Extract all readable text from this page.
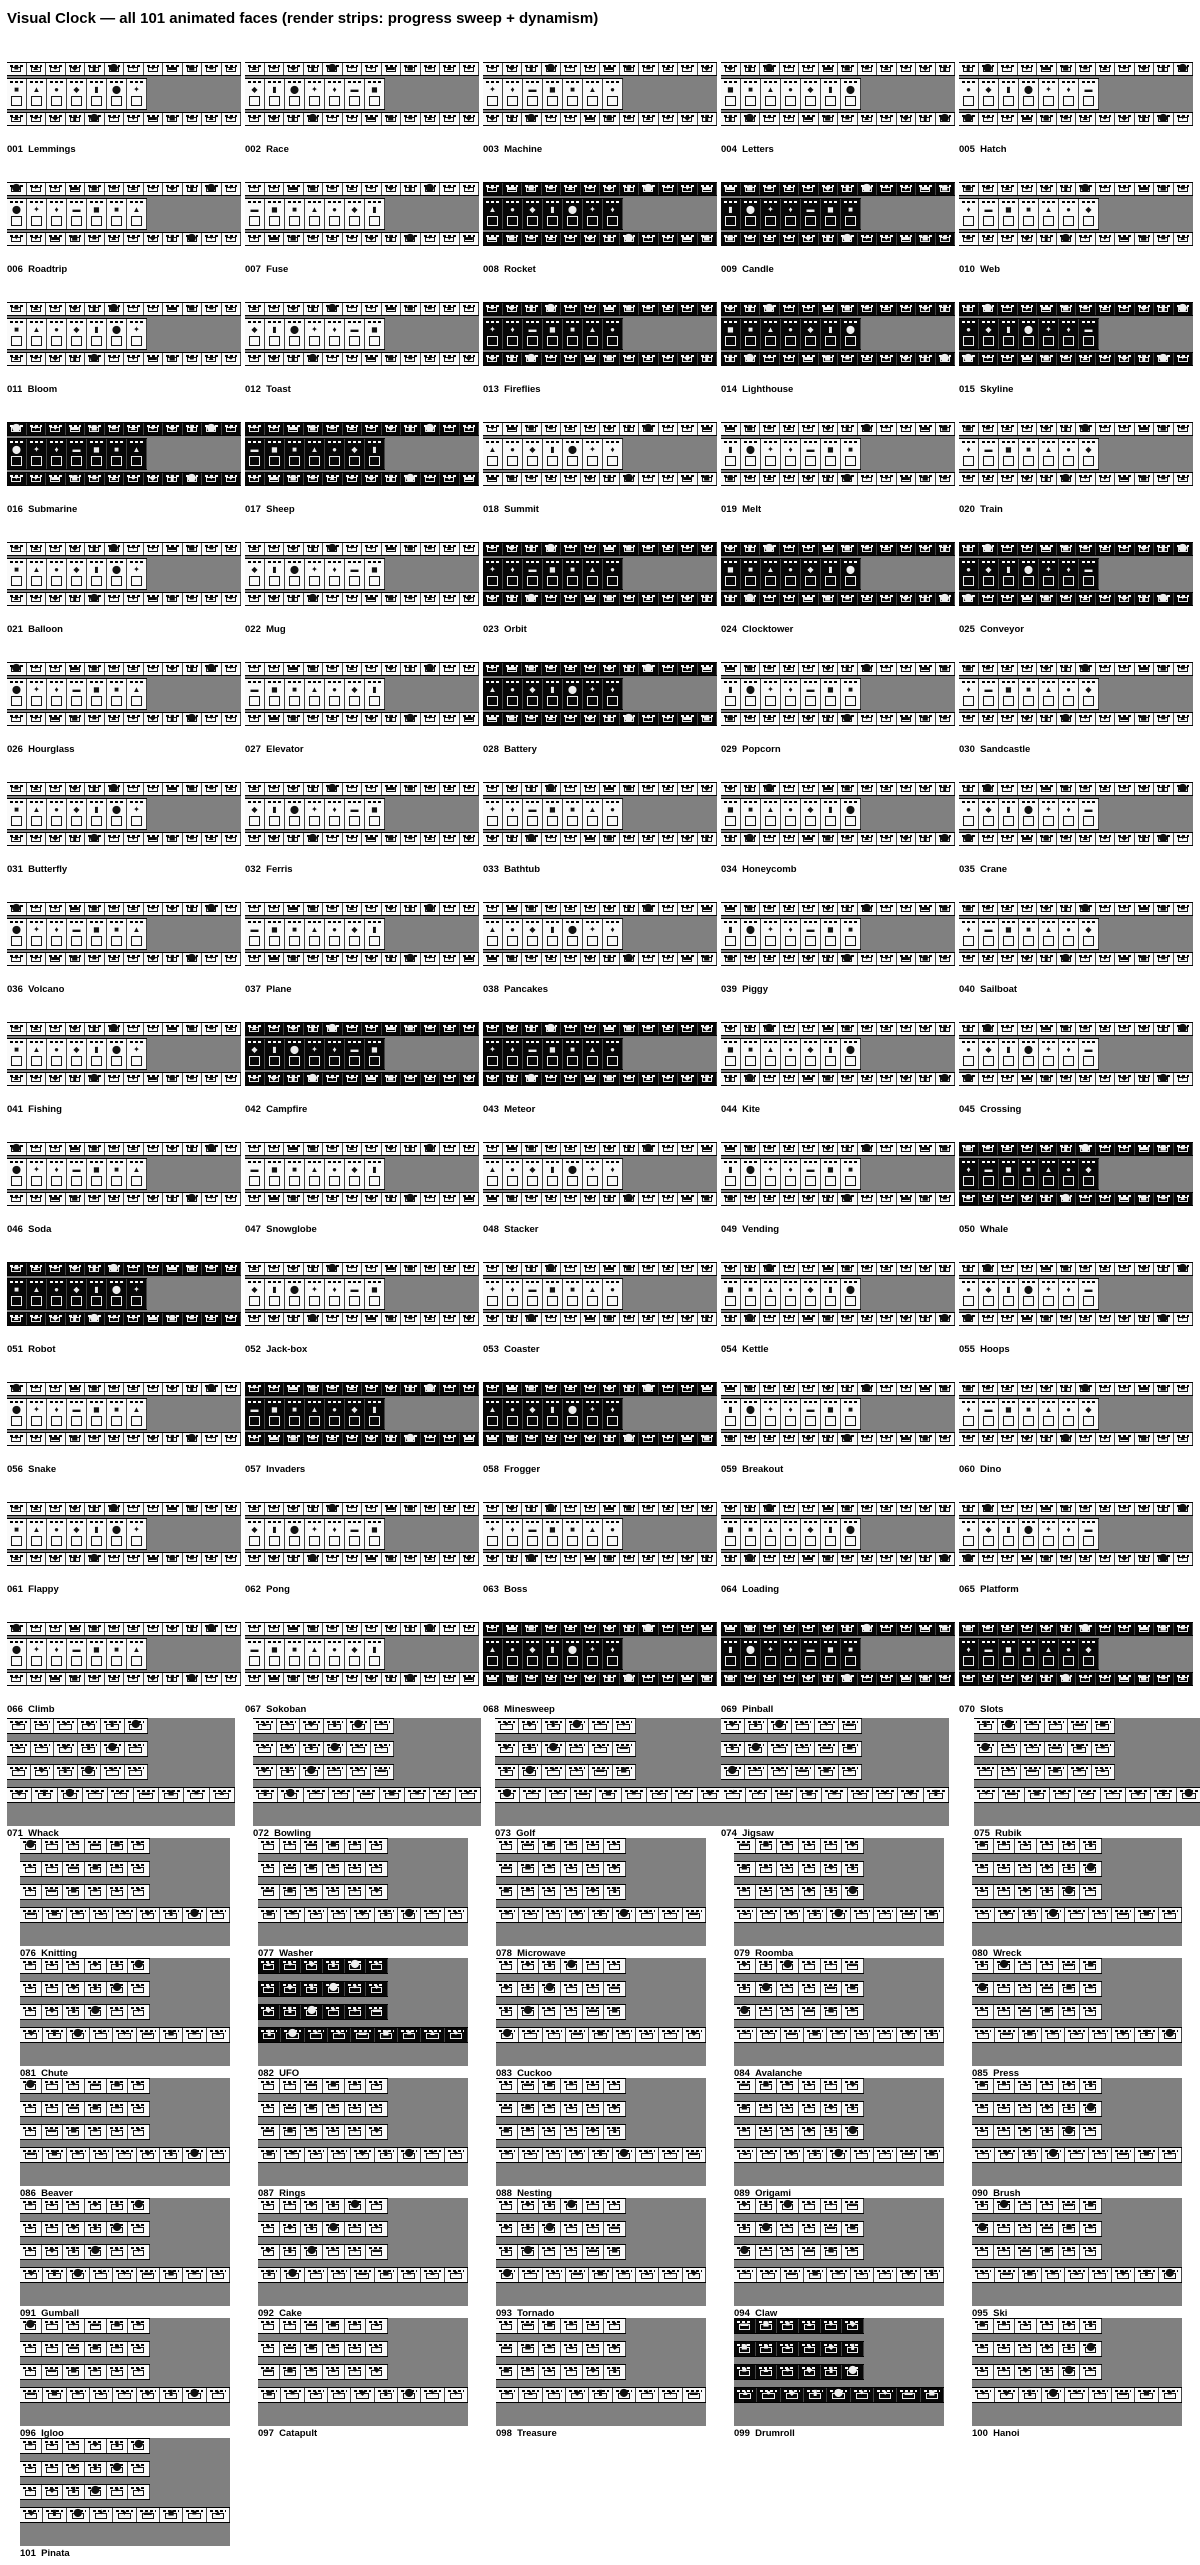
Visual Clock — all 101 animated faces (render strips: progress sweep + dynamism)
■ ▲ ● ◆ ▮ ⬤ ✦ ♦ ▬ ◼ ■ ▲
▲ ● ◆ ▮ ⬤ ✦ ♦ ▬ ◼ ■ ▲ ●
■ ▲ ● ◆ ▮ ⬤ ✦
001  Lemmings
▲ ● ◆ ▮ ⬤ ✦ ♦ ▬ ◼ ■ ▲ ●
● ◆ ▮ ⬤ ✦ ♦ ▬ ◼ ■ ▲ ● ◆
◆ ▮ ⬤ ✦ ♦ ▬ ◼
002  Race
● ◆ ▮ ⬤ ✦ ♦ ▬ ◼ ■ ▲ ● ◆
◆ ▮ ⬤ ✦ ♦ ▬ ◼ ■ ▲ ● ◆ ▮
✦ ♦ ▬ ◼ ■ ▲ ●
003  Machine
◆ ▮ ⬤ ✦ ♦ ▬ ◼ ■ ▲ ● ◆ ▮
▮ ⬤ ✦ ♦ ▬ ◼ ■ ▲ ● ◆ ▮ ⬤
◼ ■ ▲ ● ◆ ▮ ⬤
004  Letters
▮ ⬤ ✦ ♦ ▬ ◼ ■ ▲ ● ◆ ▮ ⬤
⬤ ✦ ♦ ▬ ◼ ■ ▲ ● ◆ ▮ ⬤ ✦
● ◆ ▮ ⬤ ✦ ♦ ▬
005  Hatch
⬤ ✦ ♦ ▬ ◼ ■ ▲ ● ◆ ▮ ⬤ ✦
✦ ♦ ▬ ◼ ■ ▲ ● ◆ ▮ ⬤ ✦ ♦
⬤ ✦ ♦ ▬ ◼ ■ ▲
006  Roadtrip
✦ ♦ ▬ ◼ ■ ▲ ● ◆ ▮ ⬤ ✦ ♦
♦ ▬ ◼ ■ ▲ ● ◆ ▮ ⬤ ✦ ♦ ▬
▬ ◼ ■ ▲ ● ◆ ▮
007  Fuse
♦ ▬ ◼ ■ ▲ ● ◆ ▮ ⬤ ✦ ♦ ▬
▬ ◼ ■ ▲ ● ◆ ▮ ⬤ ✦ ♦ ▬ ◼
▲ ● ◆ ▮ ⬤ ✦ ♦
008  Rocket
▬ ◼ ■ ▲ ● ◆ ▮ ⬤ ✦ ♦ ▬ ◼
◼ ■ ▲ ● ◆ ▮ ⬤ ✦ ♦ ▬ ◼ ■
▮ ⬤ ✦ ♦ ▬ ◼ ■
009  Candle
◼ ■ ▲ ● ◆ ▮ ⬤ ✦ ♦ ▬ ◼ ■
■ ▲ ● ◆ ▮ ⬤ ✦ ♦ ▬ ◼ ■ ▲
♦ ▬ ◼ ■ ▲ ● ◆
010  Web
■ ▲ ● ◆ ▮ ⬤ ✦ ♦ ▬ ◼ ■ ▲
▲ ● ◆ ▮ ⬤ ✦ ♦ ▬ ◼ ■ ▲ ●
■ ▲ ● ◆ ▮ ⬤ ✦
011  Bloom
▲ ● ◆ ▮ ⬤ ✦ ♦ ▬ ◼ ■ ▲ ●
● ◆ ▮ ⬤ ✦ ♦ ▬ ◼ ■ ▲ ● ◆
◆ ▮ ⬤ ✦ ♦ ▬ ◼
012  Toast
● ◆ ▮ ⬤ ✦ ♦ ▬ ◼ ■ ▲ ● ◆
◆ ▮ ⬤ ✦ ♦ ▬ ◼ ■ ▲ ● ◆ ▮
✦ ♦ ▬ ◼ ■ ▲ ●
013  Fireflies
◆ ▮ ⬤ ✦ ♦ ▬ ◼ ■ ▲ ● ◆ ▮
▮ ⬤ ✦ ♦ ▬ ◼ ■ ▲ ● ◆ ▮ ⬤
◼ ■ ▲ ● ◆ ▮ ⬤
014  Lighthouse
▮ ⬤ ✦ ♦ ▬ ◼ ■ ▲ ● ◆ ▮ ⬤
⬤ ✦ ♦ ▬ ◼ ■ ▲ ● ◆ ▮ ⬤ ✦
● ◆ ▮ ⬤ ✦ ♦ ▬
015  Skyline
⬤ ✦ ♦ ▬ ◼ ■ ▲ ● ◆ ▮ ⬤ ✦
✦ ♦ ▬ ◼ ■ ▲ ● ◆ ▮ ⬤ ✦ ♦
⬤ ✦ ♦ ▬ ◼ ■ ▲
016  Submarine
✦ ♦ ▬ ◼ ■ ▲ ● ◆ ▮ ⬤ ✦ ♦
♦ ▬ ◼ ■ ▲ ● ◆ ▮ ⬤ ✦ ♦ ▬
▬ ◼ ■ ▲ ● ◆ ▮
017  Sheep
♦ ▬ ◼ ■ ▲ ● ◆ ▮ ⬤ ✦ ♦ ▬
▬ ◼ ■ ▲ ● ◆ ▮ ⬤ ✦ ♦ ▬ ◼
▲ ● ◆ ▮ ⬤ ✦ ♦
018  Summit
▬ ◼ ■ ▲ ● ◆ ▮ ⬤ ✦ ♦ ▬ ◼
◼ ■ ▲ ● ◆ ▮ ⬤ ✦ ♦ ▬ ◼ ■
▮ ⬤ ✦ ♦ ▬ ◼ ■
019  Melt
◼ ■ ▲ ● ◆ ▮ ⬤ ✦ ♦ ▬ ◼ ■
■ ▲ ● ◆ ▮ ⬤ ✦ ♦ ▬ ◼ ■ ▲
♦ ▬ ◼ ■ ▲ ● ◆
020  Train
■ ▲ ● ◆ ▮ ⬤ ✦ ♦ ▬ ◼ ■ ▲
▲ ● ◆ ▮ ⬤ ✦ ♦ ▬ ◼ ■ ▲ ●
■ ▲ ● ◆ ▮ ⬤ ✦
021  Balloon
▲ ● ◆ ▮ ⬤ ✦ ♦ ▬ ◼ ■ ▲ ●
● ◆ ▮ ⬤ ✦ ♦ ▬ ◼ ■ ▲ ● ◆
◆ ▮ ⬤ ✦ ♦ ▬ ◼
022  Mug
● ◆ ▮ ⬤ ✦ ♦ ▬ ◼ ■ ▲ ● ◆
◆ ▮ ⬤ ✦ ♦ ▬ ◼ ■ ▲ ● ◆ ▮
✦ ♦ ▬ ◼ ■ ▲ ●
023  Orbit
◆ ▮ ⬤ ✦ ♦ ▬ ◼ ■ ▲ ● ◆ ▮
▮ ⬤ ✦ ♦ ▬ ◼ ■ ▲ ● ◆ ▮ ⬤
◼ ■ ▲ ● ◆ ▮ ⬤
024  Clocktower
▮ ⬤ ✦ ♦ ▬ ◼ ■ ▲ ● ◆ ▮ ⬤
⬤ ✦ ♦ ▬ ◼ ■ ▲ ● ◆ ▮ ⬤ ✦
● ◆ ▮ ⬤ ✦ ♦ ▬
025  Conveyor
⬤ ✦ ♦ ▬ ◼ ■ ▲ ● ◆ ▮ ⬤ ✦
✦ ♦ ▬ ◼ ■ ▲ ● ◆ ▮ ⬤ ✦ ♦
⬤ ✦ ♦ ▬ ◼ ■ ▲
026  Hourglass
✦ ♦ ▬ ◼ ■ ▲ ● ◆ ▮ ⬤ ✦ ♦
♦ ▬ ◼ ■ ▲ ● ◆ ▮ ⬤ ✦ ♦ ▬
▬ ◼ ■ ▲ ● ◆ ▮
027  Elevator
♦ ▬ ◼ ■ ▲ ● ◆ ▮ ⬤ ✦ ♦ ▬
▬ ◼ ■ ▲ ● ◆ ▮ ⬤ ✦ ♦ ▬ ◼
▲ ● ◆ ▮ ⬤ ✦ ♦
028  Battery
▬ ◼ ■ ▲ ● ◆ ▮ ⬤ ✦ ♦ ▬ ◼
◼ ■ ▲ ● ◆ ▮ ⬤ ✦ ♦ ▬ ◼ ■
▮ ⬤ ✦ ♦ ▬ ◼ ■
029  Popcorn
◼ ■ ▲ ● ◆ ▮ ⬤ ✦ ♦ ▬ ◼ ■
■ ▲ ● ◆ ▮ ⬤ ✦ ♦ ▬ ◼ ■ ▲
♦ ▬ ◼ ■ ▲ ● ◆
030  Sandcastle
■ ▲ ● ◆ ▮ ⬤ ✦ ♦ ▬ ◼ ■ ▲
▲ ● ◆ ▮ ⬤ ✦ ♦ ▬ ◼ ■ ▲ ●
■ ▲ ● ◆ ▮ ⬤ ✦
031  Butterfly
▲ ● ◆ ▮ ⬤ ✦ ♦ ▬ ◼ ■ ▲ ●
● ◆ ▮ ⬤ ✦ ♦ ▬ ◼ ■ ▲ ● ◆
◆ ▮ ⬤ ✦ ♦ ▬ ◼
032  Ferris
● ◆ ▮ ⬤ ✦ ♦ ▬ ◼ ■ ▲ ● ◆
◆ ▮ ⬤ ✦ ♦ ▬ ◼ ■ ▲ ● ◆ ▮
✦ ♦ ▬ ◼ ■ ▲ ●
033  Bathtub
◆ ▮ ⬤ ✦ ♦ ▬ ◼ ■ ▲ ● ◆ ▮
▮ ⬤ ✦ ♦ ▬ ◼ ■ ▲ ● ◆ ▮ ⬤
◼ ■ ▲ ● ◆ ▮ ⬤
034  Honeycomb
▮ ⬤ ✦ ♦ ▬ ◼ ■ ▲ ● ◆ ▮ ⬤
⬤ ✦ ♦ ▬ ◼ ■ ▲ ● ◆ ▮ ⬤ ✦
● ◆ ▮ ⬤ ✦ ♦ ▬
035  Crane
⬤ ✦ ♦ ▬ ◼ ■ ▲ ● ◆ ▮ ⬤ ✦
✦ ♦ ▬ ◼ ■ ▲ ● ◆ ▮ ⬤ ✦ ♦
⬤ ✦ ♦ ▬ ◼ ■ ▲
036  Volcano
✦ ♦ ▬ ◼ ■ ▲ ● ◆ ▮ ⬤ ✦ ♦
♦ ▬ ◼ ■ ▲ ● ◆ ▮ ⬤ ✦ ♦ ▬
▬ ◼ ■ ▲ ● ◆ ▮
037  Plane
♦ ▬ ◼ ■ ▲ ● ◆ ▮ ⬤ ✦ ♦ ▬
▬ ◼ ■ ▲ ● ◆ ▮ ⬤ ✦ ♦ ▬ ◼
▲ ● ◆ ▮ ⬤ ✦ ♦
038  Pancakes
▬ ◼ ■ ▲ ● ◆ ▮ ⬤ ✦ ♦ ▬ ◼
◼ ■ ▲ ● ◆ ▮ ⬤ ✦ ♦ ▬ ◼ ■
▮ ⬤ ✦ ♦ ▬ ◼ ■
039  Piggy
◼ ■ ▲ ● ◆ ▮ ⬤ ✦ ♦ ▬ ◼ ■
■ ▲ ● ◆ ▮ ⬤ ✦ ♦ ▬ ◼ ■ ▲
♦ ▬ ◼ ■ ▲ ● ◆
040  Sailboat
■ ▲ ● ◆ ▮ ⬤ ✦ ♦ ▬ ◼ ■ ▲
▲ ● ◆ ▮ ⬤ ✦ ♦ ▬ ◼ ■ ▲ ●
■ ▲ ● ◆ ▮ ⬤ ✦
041  Fishing
▲ ● ◆ ▮ ⬤ ✦ ♦ ▬ ◼ ■ ▲ ●
● ◆ ▮ ⬤ ✦ ♦ ▬ ◼ ■ ▲ ● ◆
◆ ▮ ⬤ ✦ ♦ ▬ ◼
042  Campfire
● ◆ ▮ ⬤ ✦ ♦ ▬ ◼ ■ ▲ ● ◆
◆ ▮ ⬤ ✦ ♦ ▬ ◼ ■ ▲ ● ◆ ▮
✦ ♦ ▬ ◼ ■ ▲ ●
043  Meteor
◆ ▮ ⬤ ✦ ♦ ▬ ◼ ■ ▲ ● ◆ ▮
▮ ⬤ ✦ ♦ ▬ ◼ ■ ▲ ● ◆ ▮ ⬤
◼ ■ ▲ ● ◆ ▮ ⬤
044  Kite
▮ ⬤ ✦ ♦ ▬ ◼ ■ ▲ ● ◆ ▮ ⬤
⬤ ✦ ♦ ▬ ◼ ■ ▲ ● ◆ ▮ ⬤ ✦
● ◆ ▮ ⬤ ✦ ♦ ▬
045  Crossing
⬤ ✦ ♦ ▬ ◼ ■ ▲ ● ◆ ▮ ⬤ ✦
✦ ♦ ▬ ◼ ■ ▲ ● ◆ ▮ ⬤ ✦ ♦
⬤ ✦ ♦ ▬ ◼ ■ ▲
046  Soda
✦ ♦ ▬ ◼ ■ ▲ ● ◆ ▮ ⬤ ✦ ♦
♦ ▬ ◼ ■ ▲ ● ◆ ▮ ⬤ ✦ ♦ ▬
▬ ◼ ■ ▲ ● ◆ ▮
047  Snowglobe
♦ ▬ ◼ ■ ▲ ● ◆ ▮ ⬤ ✦ ♦ ▬
▬ ◼ ■ ▲ ● ◆ ▮ ⬤ ✦ ♦ ▬ ◼
▲ ● ◆ ▮ ⬤ ✦ ♦
048  Stacker
▬ ◼ ■ ▲ ● ◆ ▮ ⬤ ✦ ♦ ▬ ◼
◼ ■ ▲ ● ◆ ▮ ⬤ ✦ ♦ ▬ ◼ ■
▮ ⬤ ✦ ♦ ▬ ◼ ■
049  Vending
◼ ■ ▲ ● ◆ ▮ ⬤ ✦ ♦ ▬ ◼ ■
■ ▲ ● ◆ ▮ ⬤ ✦ ♦ ▬ ◼ ■ ▲
♦ ▬ ◼ ■ ▲ ● ◆
050  Whale
■ ▲ ● ◆ ▮ ⬤ ✦ ♦ ▬ ◼ ■ ▲
▲ ● ◆ ▮ ⬤ ✦ ♦ ▬ ◼ ■ ▲ ●
■ ▲ ● ◆ ▮ ⬤ ✦
051  Robot
▲ ● ◆ ▮ ⬤ ✦ ♦ ▬ ◼ ■ ▲ ●
● ◆ ▮ ⬤ ✦ ♦ ▬ ◼ ■ ▲ ● ◆
◆ ▮ ⬤ ✦ ♦ ▬ ◼
052  Jack-box
● ◆ ▮ ⬤ ✦ ♦ ▬ ◼ ■ ▲ ● ◆
◆ ▮ ⬤ ✦ ♦ ▬ ◼ ■ ▲ ● ◆ ▮
✦ ♦ ▬ ◼ ■ ▲ ●
053  Coaster
◆ ▮ ⬤ ✦ ♦ ▬ ◼ ■ ▲ ● ◆ ▮
▮ ⬤ ✦ ♦ ▬ ◼ ■ ▲ ● ◆ ▮ ⬤
◼ ■ ▲ ● ◆ ▮ ⬤
054  Kettle
▮ ⬤ ✦ ♦ ▬ ◼ ■ ▲ ● ◆ ▮ ⬤
⬤ ✦ ♦ ▬ ◼ ■ ▲ ● ◆ ▮ ⬤ ✦
● ◆ ▮ ⬤ ✦ ♦ ▬
055  Hoops
⬤ ✦ ♦ ▬ ◼ ■ ▲ ● ◆ ▮ ⬤ ✦
✦ ♦ ▬ ◼ ■ ▲ ● ◆ ▮ ⬤ ✦ ♦
⬤ ✦ ♦ ▬ ◼ ■ ▲
056  Snake
✦ ♦ ▬ ◼ ■ ▲ ● ◆ ▮ ⬤ ✦ ♦
♦ ▬ ◼ ■ ▲ ● ◆ ▮ ⬤ ✦ ♦ ▬
▬ ◼ ■ ▲ ● ◆ ▮
057  Invaders
♦ ▬ ◼ ■ ▲ ● ◆ ▮ ⬤ ✦ ♦ ▬
▬ ◼ ■ ▲ ● ◆ ▮ ⬤ ✦ ♦ ▬ ◼
▲ ● ◆ ▮ ⬤ ✦ ♦
058  Frogger
▬ ◼ ■ ▲ ● ◆ ▮ ⬤ ✦ ♦ ▬ ◼
◼ ■ ▲ ● ◆ ▮ ⬤ ✦ ♦ ▬ ◼ ■
▮ ⬤ ✦ ♦ ▬ ◼ ■
059  Breakout
◼ ■ ▲ ● ◆ ▮ ⬤ ✦ ♦ ▬ ◼ ■
■ ▲ ● ◆ ▮ ⬤ ✦ ♦ ▬ ◼ ■ ▲
♦ ▬ ◼ ■ ▲ ● ◆
060  Dino
■ ▲ ● ◆ ▮ ⬤ ✦ ♦ ▬ ◼ ■ ▲
▲ ● ◆ ▮ ⬤ ✦ ♦ ▬ ◼ ■ ▲ ●
■ ▲ ● ◆ ▮ ⬤ ✦
061  Flappy
▲ ● ◆ ▮ ⬤ ✦ ♦ ▬ ◼ ■ ▲ ●
● ◆ ▮ ⬤ ✦ ♦ ▬ ◼ ■ ▲ ● ◆
◆ ▮ ⬤ ✦ ♦ ▬ ◼
062  Pong
● ◆ ▮ ⬤ ✦ ♦ ▬ ◼ ■ ▲ ● ◆
◆ ▮ ⬤ ✦ ♦ ▬ ◼ ■ ▲ ● ◆ ▮
✦ ♦ ▬ ◼ ■ ▲ ●
063  Boss
◆ ▮ ⬤ ✦ ♦ ▬ ◼ ■ ▲ ● ◆ ▮
▮ ⬤ ✦ ♦ ▬ ◼ ■ ▲ ● ◆ ▮ ⬤
◼ ■ ▲ ● ◆ ▮ ⬤
064  Loading
▮ ⬤ ✦ ♦ ▬ ◼ ■ ▲ ● ◆ ▮ ⬤
⬤ ✦ ♦ ▬ ◼ ■ ▲ ● ◆ ▮ ⬤ ✦
● ◆ ▮ ⬤ ✦ ♦ ▬
065  Platform
⬤ ✦ ♦ ▬ ◼ ■ ▲ ● ◆ ▮ ⬤ ✦
✦ ♦ ▬ ◼ ■ ▲ ● ◆ ▮ ⬤ ✦ ♦
⬤ ✦ ♦ ▬ ◼ ■ ▲
066  Climb
✦ ♦ ▬ ◼ ■ ▲ ● ◆ ▮ ⬤ ✦ ♦
♦ ▬ ◼ ■ ▲ ● ◆ ▮ ⬤ ✦ ♦ ▬
▬ ◼ ■ ▲ ● ◆ ▮
067  Sokoban
♦ ▬ ◼ ■ ▲ ● ◆ ▮ ⬤ ✦ ♦ ▬
▬ ◼ ■ ▲ ● ◆ ▮ ⬤ ✦ ♦ ▬ ◼
▲ ● ◆ ▮ ⬤ ✦ ♦
068  Minesweep
▬ ◼ ■ ▲ ● ◆ ▮ ⬤ ✦ ♦ ▬ ◼
◼ ■ ▲ ● ◆ ▮ ⬤ ✦ ♦ ▬ ◼ ■
▮ ⬤ ✦ ♦ ▬ ◼ ■
069  Pinball
◼ ■ ▲ ● ◆ ▮ ⬤ ✦ ♦ ▬ ◼ ■
■ ▲ ● ◆ ▮ ⬤ ✦ ♦ ▬ ◼ ■ ▲
♦ ▬ ◼ ■ ▲ ● ◆
070  Slots
■ ▲ ● ◆ ▮ ⬤
▲ ● ◆ ▮ ⬤ ✦
● ◆ ▮ ⬤ ✦ ♦
◆	▮ ⬤ ✦ ♦ ▬ ◼ ■ ▲
071  Whack
▲ ● ◆ ▮ ⬤ ✦
● ◆ ▮ ⬤ ✦ ♦
◆ ▮ ⬤ ✦ ♦ ▬
▮ ⬤ ✦ ♦ ▬ ◼ ■ ▲ ●
072  Bowling
● ◆ ▮ ⬤ ✦ ♦
◆ ▮ ⬤ ✦ ♦ ▬
▮ ⬤ ✦ ♦ ▬ ◼
⬤ ✦ ♦ ▬ ◼ ■ ▲ ● ◆
073  Golf
◆ ▮ ⬤ ✦ ♦ ▬
▮ ⬤ ✦ ♦ ▬ ◼
⬤ ✦ ♦ ▬ ◼ ■
✦ ♦ ▬ ◼ ■ ▲ ● ◆	▮
074  Jigsaw
▮ ⬤ ✦ ♦ ▬ ◼
⬤ ✦ ♦ ▬ ◼ ■
✦ ♦ ▬ ◼ ■ ▲
♦ ▬ ◼ ■ ▲ ● ◆	▮ ⬤
075  Rubik
⬤ ✦ ♦ ▬ ◼ ■
✦ ♦ ▬ ◼ ■ ▲
♦ ▬ ◼ ■ ▲ ●
▬ ◼ ■ ▲ ● ◆ ▮ ⬤ ✦
076  Knitting
✦ ♦ ▬ ◼ ■ ▲
♦ ▬ ◼ ■ ▲ ●
▬ ◼ ■ ▲ ● ◆
◼ ■ ▲ ● ◆ ▮ ⬤ ✦ ♦
077  Washer
♦ ▬ ◼ ■ ▲ ●
▬ ◼ ■ ▲ ● ◆
◼ ■ ▲ ● ◆ ▮
■ ▲ ● ◆ ▮ ⬤ ✦ ♦ ▬
078  Microwave
▬ ◼ ■ ▲ ● ◆
◼ ■ ▲ ● ◆ ▮
■ ▲ ● ◆ ▮ ⬤
▲ ● ◆ ▮ ⬤ ✦ ♦ ▬ ◼
079  Roomba
◼ ■ ▲ ● ◆ ▮
■ ▲ ● ◆ ▮ ⬤
▲ ● ◆ ▮ ⬤ ✦
● ◆ ▮ ⬤ ✦ ♦ ▬ ◼ ■
080  Wreck
■ ▲ ● ◆ ▮ ⬤
▲ ● ◆ ▮ ⬤ ✦
● ◆ ▮ ⬤ ✦ ♦
◆ ▮ ⬤ ✦ ♦ ▬ ◼ ■ ▲
081  Chute
▲ ● ◆ ▮ ⬤ ✦
● ◆ ▮ ⬤ ✦ ♦
◆ ▮ ⬤ ✦ ♦ ▬
▮ ⬤ ✦ ♦ ▬ ◼ ■ ▲ ●
082  UFO
● ◆ ▮ ⬤ ✦ ♦
◆ ▮ ⬤ ✦ ♦ ▬
▮ ⬤ ✦ ♦ ▬ ◼
⬤ ✦ ♦ ▬ ◼ ■ ▲ ● ◆
083  Cuckoo
◆ ▮ ⬤ ✦ ♦ ▬
▮ ⬤ ✦ ♦ ▬ ◼
⬤ ✦ ♦ ▬ ◼ ■
✦ ♦ ▬ ◼ ■ ▲ ● ◆ ▮
084  Avalanche
▮ ⬤ ✦ ♦ ▬ ◼
⬤ ✦ ♦ ▬ ◼ ■
✦ ♦ ▬ ◼ ■ ▲
♦ ▬ ◼ ■ ▲ ● ◆ ▮ ⬤
085  Press
⬤ ✦ ♦ ▬ ◼ ■
✦ ♦ ▬ ◼ ■ ▲
♦ ▬ ◼ ■ ▲ ●
▬ ◼ ■ ▲ ● ◆ ▮ ⬤ ✦
086  Beaver
✦ ♦ ▬ ◼ ■ ▲
♦ ▬ ◼ ■ ▲ ●
▬ ◼ ■ ▲ ● ◆
◼ ■ ▲ ● ◆ ▮ ⬤ ✦ ♦
087  Rings
♦ ▬ ◼ ■ ▲ ●
▬ ◼ ■ ▲ ● ◆
◼ ■ ▲ ● ◆ ▮
■ ▲ ● ◆ ▮ ⬤ ✦ ♦ ▬
088  Nesting
▬ ◼ ■ ▲ ● ◆
◼ ■ ▲ ● ◆ ▮
■ ▲ ● ◆ ▮ ⬤
▲ ● ◆ ▮ ⬤ ✦ ♦ ▬ ◼
089  Origami
◼ ■ ▲ ● ◆ ▮
■ ▲ ● ◆ ▮ ⬤
▲ ● ◆ ▮ ⬤ ✦
● ◆ ▮ ⬤ ✦ ♦ ▬ ◼ ■
090  Brush
■ ▲ ● ◆ ▮ ⬤
▲ ● ◆ ▮ ⬤ ✦
● ◆ ▮ ⬤ ✦ ♦
◆ ▮ ⬤ ✦ ♦ ▬ ◼ ■ ▲
091  Gumball
▲ ● ◆ ▮ ⬤ ✦
● ◆ ▮ ⬤ ✦ ♦
◆ ▮ ⬤ ✦ ♦ ▬
▮ ⬤ ✦ ♦ ▬ ◼ ■ ▲ ●
092  Cake
● ◆ ▮ ⬤ ✦ ♦
◆ ▮ ⬤ ✦ ♦ ▬
▮ ⬤ ✦ ♦ ▬ ◼
⬤ ✦ ♦ ▬ ◼ ■ ▲ ● ◆
093  Tornado
◆ ▮ ⬤ ✦ ♦ ▬
▮ ⬤ ✦ ♦ ▬ ◼
⬤ ✦ ♦ ▬ ◼ ■
✦ ♦ ▬ ◼ ■ ▲ ● ◆ ▮
094  Claw
▮ ⬤ ✦ ♦ ▬ ◼
⬤ ✦ ♦ ▬ ◼ ■
✦ ♦ ▬ ◼ ■ ▲
♦ ▬ ◼ ■ ▲ ● ◆ ▮ ⬤
095  Ski
⬤ ✦ ♦ ▬ ◼ ■
✦ ♦ ▬ ◼ ■ ▲
♦ ▬ ◼ ■ ▲ ●
▬ ◼ ■ ▲ ● ◆ ▮ ⬤ ✦
096  Igloo
✦ ♦ ▬ ◼ ■ ▲
♦ ▬ ◼ ■ ▲ ●
▬ ◼ ■ ▲ ● ◆
◼ ■ ▲ ● ◆ ▮ ⬤ ✦ ♦
097  Catapult
♦ ▬ ◼ ■ ▲ ●
▬ ◼ ■ ▲ ● ◆
◼ ■ ▲ ● ◆ ▮
■ ▲ ● ◆ ▮ ⬤ ✦ ♦ ▬
098  Treasure
▬ ◼ ■ ▲ ● ◆
◼ ■ ▲ ● ◆ ▮
■ ▲ ● ◆ ▮ ⬤
▲ ● ◆ ▮ ⬤ ✦ ♦ ▬ ◼
099  Drumroll
◼ ■ ▲ ● ◆ ▮
■ ▲ ● ◆ ▮ ⬤
▲ ● ◆ ▮ ⬤ ✦
● ◆ ▮ ⬤ ✦ ♦ ▬ ◼ ■
100  Hanoi
■ ▲ ● ◆ ▮ ⬤
▲ ● ◆ ▮ ⬤ ✦
● ◆ ▮ ⬤ ✦ ♦
◆ ▮ ⬤ ✦ ♦ ▬ ◼ ■ ▲
101  Pinata
